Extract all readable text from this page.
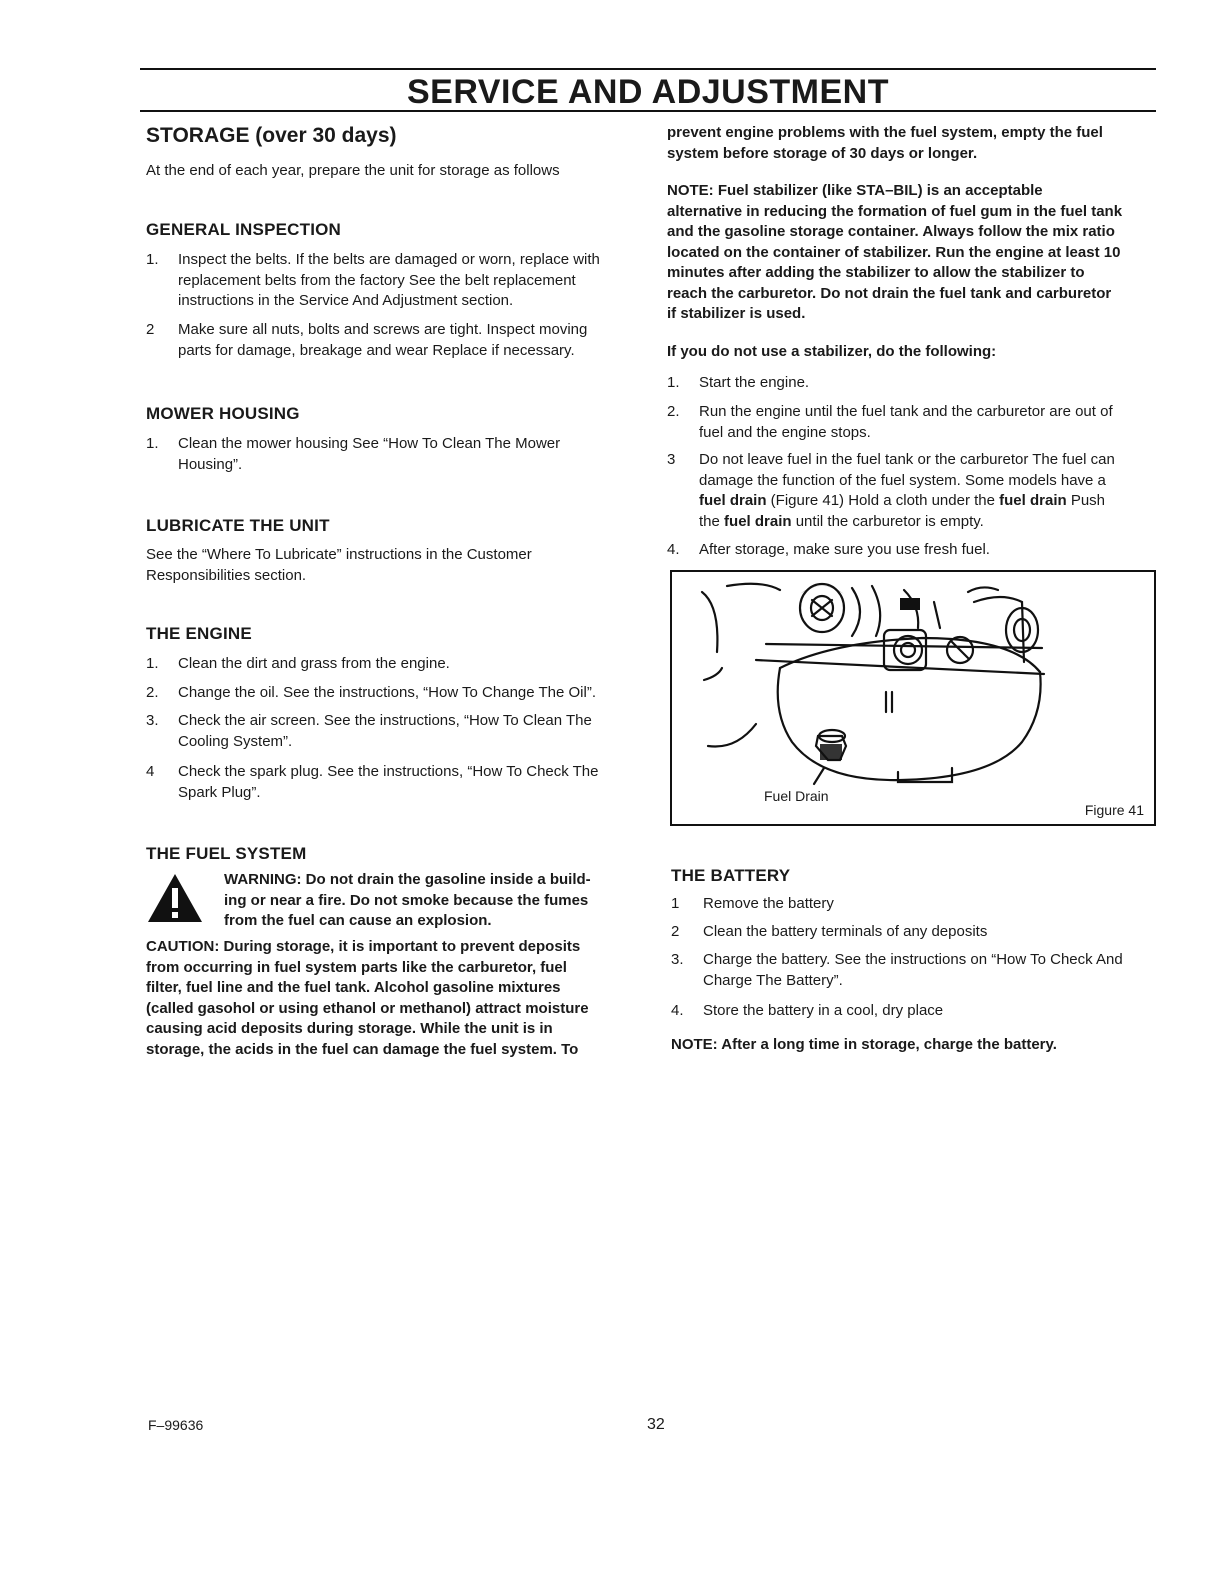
SERVICE AND ADJUSTMENT
STORAGE (over 30 days)
At the end of each year, prepare the unit for storage as follows
GENERAL INSPECTION
1. Inspect the belts. If the belts are damaged or worn, replace with
replacement belts from the factory See the belt replacement
instructions in the Service And Adjustment section.
2 Make sure all nuts, bolts and screws are tight. Inspect moving
parts for damage, breakage and wear Replace if necessary.
MOWER HOUSING
1. Clean the mower housing See “How To Clean The Mower
Housing”.
LUBRICATE THE UNIT
See the “Where To Lubricate” instructions in the Customer
Responsibilities section.
THE ENGINE
1. Clean the dirt and grass from the engine.
2. Change the oil. See the instructions, “How To Change The Oil”.
3. Check the air screen. See the instructions, “How To Clean The
Cooling System”.
4 Check the spark plug. See the instructions, “How To Check The
Spark Plug”.
THE FUEL SYSTEM
WARNING: Do not drain the gasoline inside a build-
ing or near a fire. Do not smoke because the fumes
from the fuel can cause an explosion.
CAUTION: During storage, it is important to prevent deposits
from occurring in fuel system parts like the carburetor, fuel
filter, fuel line and the fuel tank. Alcohol gasoline mixtures
(called gasohol or using ethanol or methanol) attract moisture
causing acid deposits during storage. While the unit is in
storage, the acids in the fuel can damage the fuel system. To
prevent engine problems with the fuel system, empty the fuel
system before storage of 30 days or longer.
NOTE: Fuel stabilizer (like STA–BIL) is an acceptable
alternative in reducing the formation of fuel gum in the fuel tank
and the gasoline storage container. Always follow the mix ratio
located on the container of stabilizer. Run the engine at least 10
minutes after adding the stabilizer to allow the stabilizer to
reach the carburetor. Do not drain the fuel tank and carburetor
if stabilizer is used.
If you do not use a stabilizer, do the following:
1. Start the engine.
2. Run the engine until the fuel tank and the carburetor are out of
fuel and the engine stops.
3 Do not leave fuel in the fuel tank or the carburetor The fuel can
damage the function of the fuel system. Some models have a
fuel drain (Figure 41) Hold a cloth under the fuel drain Push
the fuel drain until the carburetor is empty.
4. After storage, make sure you use fresh fuel.
Fuel Drain
Figure 41
THE BATTERY
1 Remove the battery
2 Clean the battery terminals of any deposits
3. Charge the battery. See the instructions on “How To Check And
Charge The Battery”.
4. Store the battery in a cool, dry place
NOTE: After a long time in storage, charge the battery.
F–99636	32
